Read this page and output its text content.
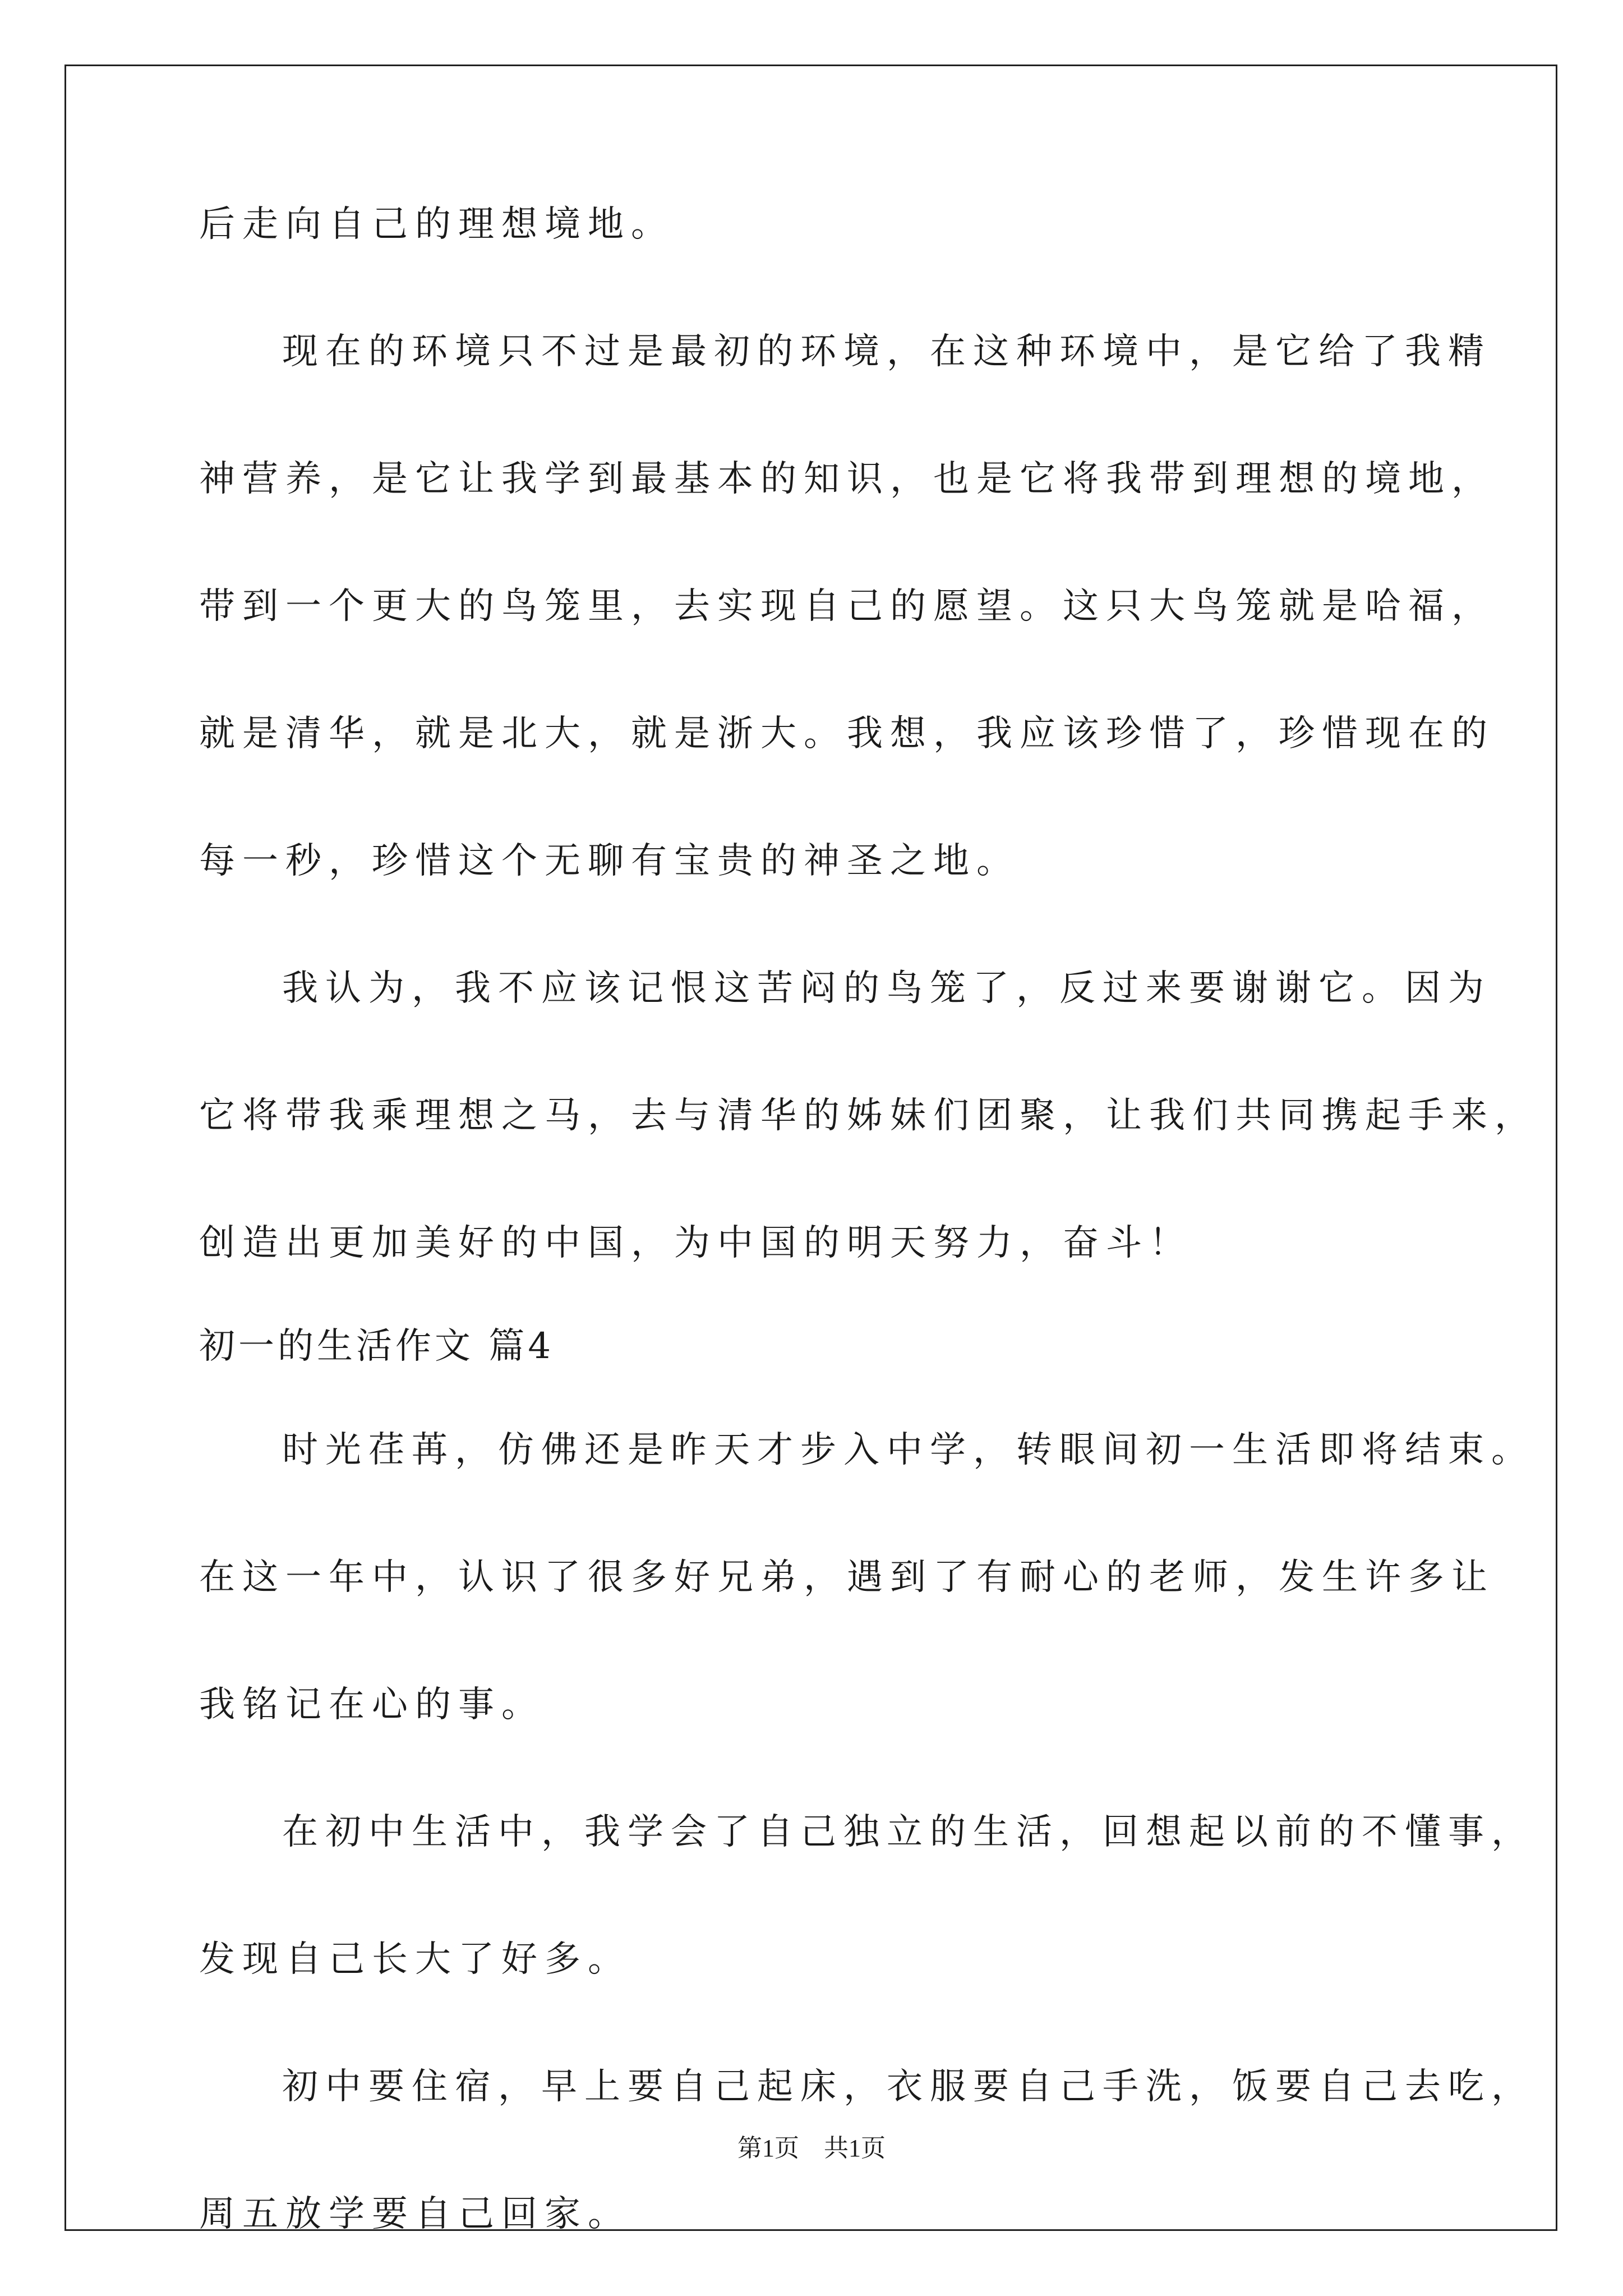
后走向自己的理想境地。
现在的环境只不过是最初的环境，在这种环境中，是它给了我精
神营养，是它让我学到最基本的知识，也是它将我带到理想的境地，
带到一个更大的鸟笼里，去实现自己的愿望。这只大鸟笼就是哈福，
就是清华，就是北大，就是浙大。我想，我应该珍惜了，珍惜现在的
每一秒，珍惜这个无聊有宝贵的神圣之地。
我认为，我不应该记恨这苦闷的鸟笼了，反过来要谢谢它。因为
它将带我乘理想之马，去与清华的姊妹们团聚，让我们共同携起手来，
创造出更加美好的中国，为中国的明天努力，奋斗！
初一的生活作文 篇4
时光荏苒，仿佛还是昨天才步入中学，转眼间初一生活即将结束。
在这一年中，认识了很多好兄弟，遇到了有耐心的老师，发生许多让
我铭记在心的事。
在初中生活中，我学会了自己独立的生活，回想起以前的不懂事，
发现自己长大了好多。
初中要住宿，早上要自己起床，衣服要自己手洗，饭要自己去吃，
周五放学要自己回家。
第1页　共1页
